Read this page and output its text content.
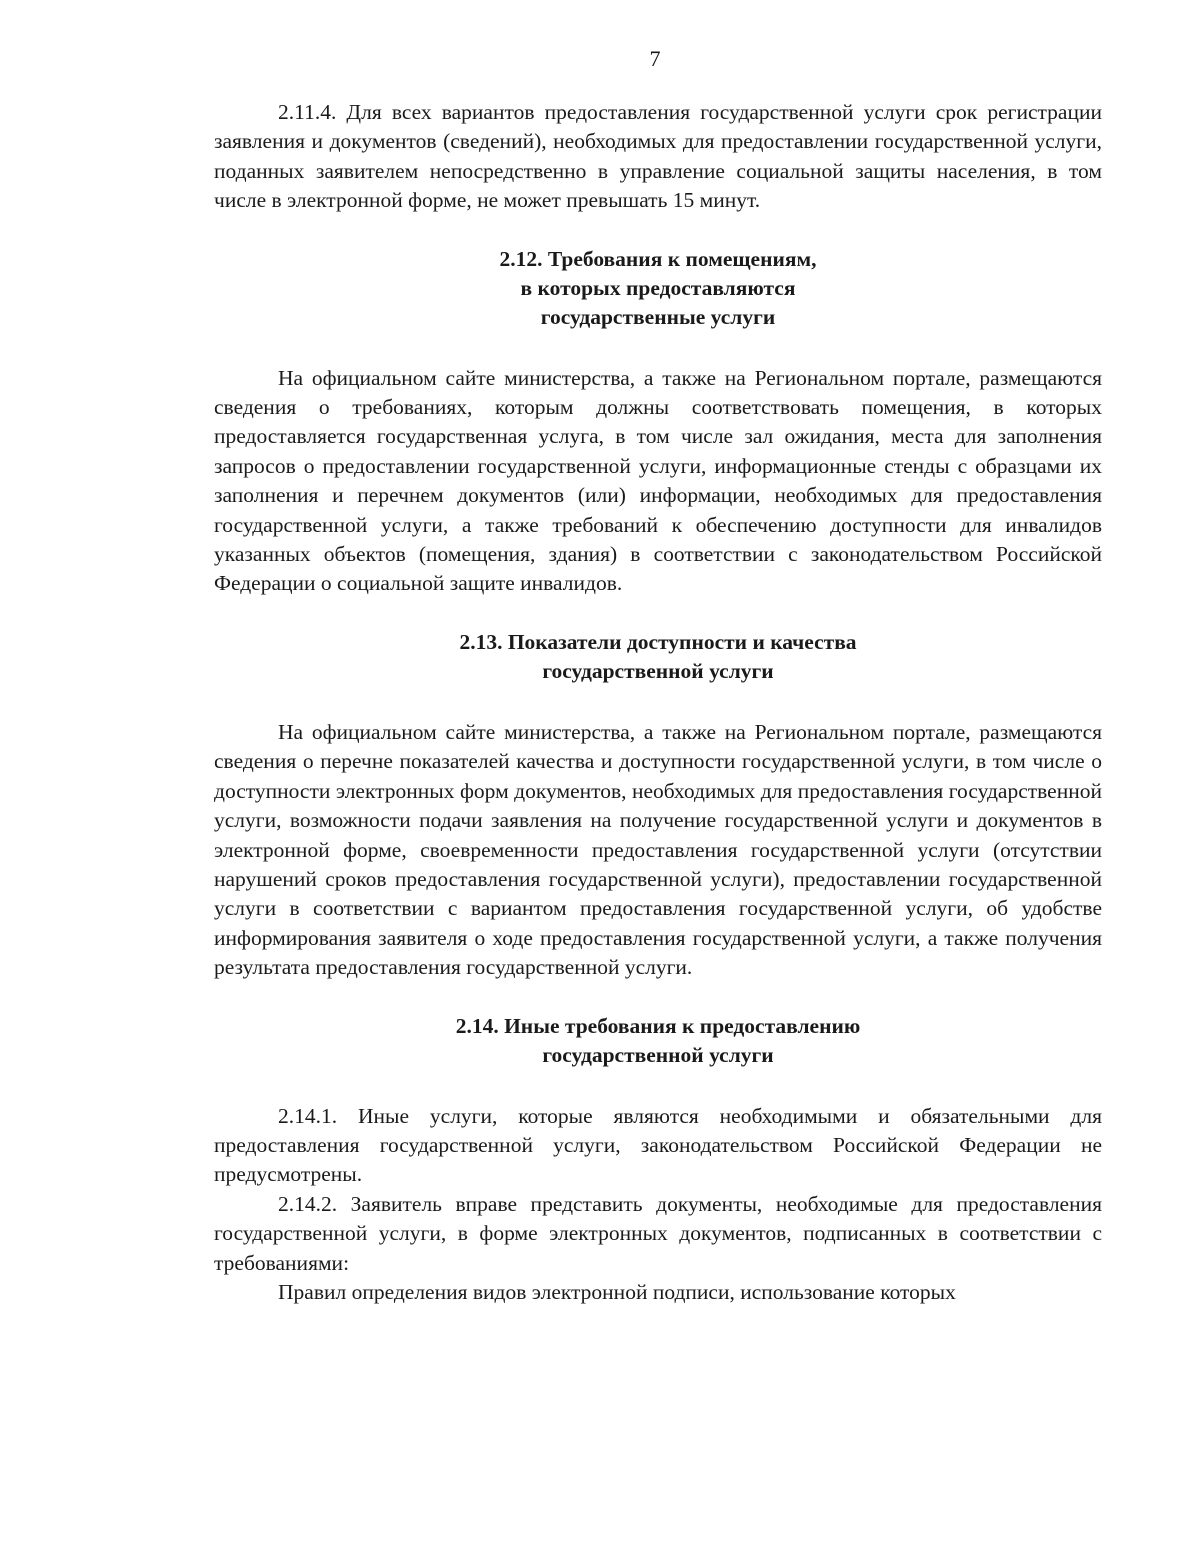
7

2.11.4. Для всех вариантов предоставления государственной услуги срок регистрации заявления и документов (сведений), необходимых для предоставлении государственной услуги, поданных заявителем непосредственно в управление социальной защиты населения, в том числе в электронной форме, не может превышать 15 минут.

2.12. Требования к помещениям,
в которых предоставляются
государственные услуги

На официальном сайте министерства, а также на Региональном портале, размещаются сведения о требованиях, которым должны соответствовать помещения, в которых предоставляется государственная услуга, в том числе зал ожидания, места для заполнения запросов о предоставлении государственной услуги, информационные стенды с образцами их заполнения и перечнем документов (или) информации, необходимых для предоставления государственной услуги, а также требований к обеспечению доступности для инвалидов указанных объектов (помещения, здания) в соответствии с законодательством Российской Федерации о социальной защите инвалидов.

2.13. Показатели доступности и качества
государственной услуги

На официальном сайте министерства, а также на Региональном портале, размещаются сведения о перечне показателей качества и доступности государственной услуги, в том числе о доступности электронных форм документов, необходимых для предоставления государственной услуги, возможности подачи заявления на получение государственной услуги и документов в электронной форме, своевременности предоставления государственной услуги (отсутствии нарушений сроков предоставления государственной услуги), предоставлении государственной услуги в соответствии с вариантом предоставления государственной услуги, об удобстве информирования заявителя о ходе предоставления государственной услуги, а также получения результата предоставления государственной услуги.

2.14. Иные требования к предоставлению
государственной услуги

2.14.1. Иные услуги, которые являются необходимыми и обязательными для предоставления государственной услуги, законодательством Российской Федерации не предусмотрены.

2.14.2. Заявитель вправе представить документы, необходимые для предоставления государственной услуги, в форме электронных документов, подписанных в соответствии с требованиями:

Правил определения видов электронной подписи, использование которых
